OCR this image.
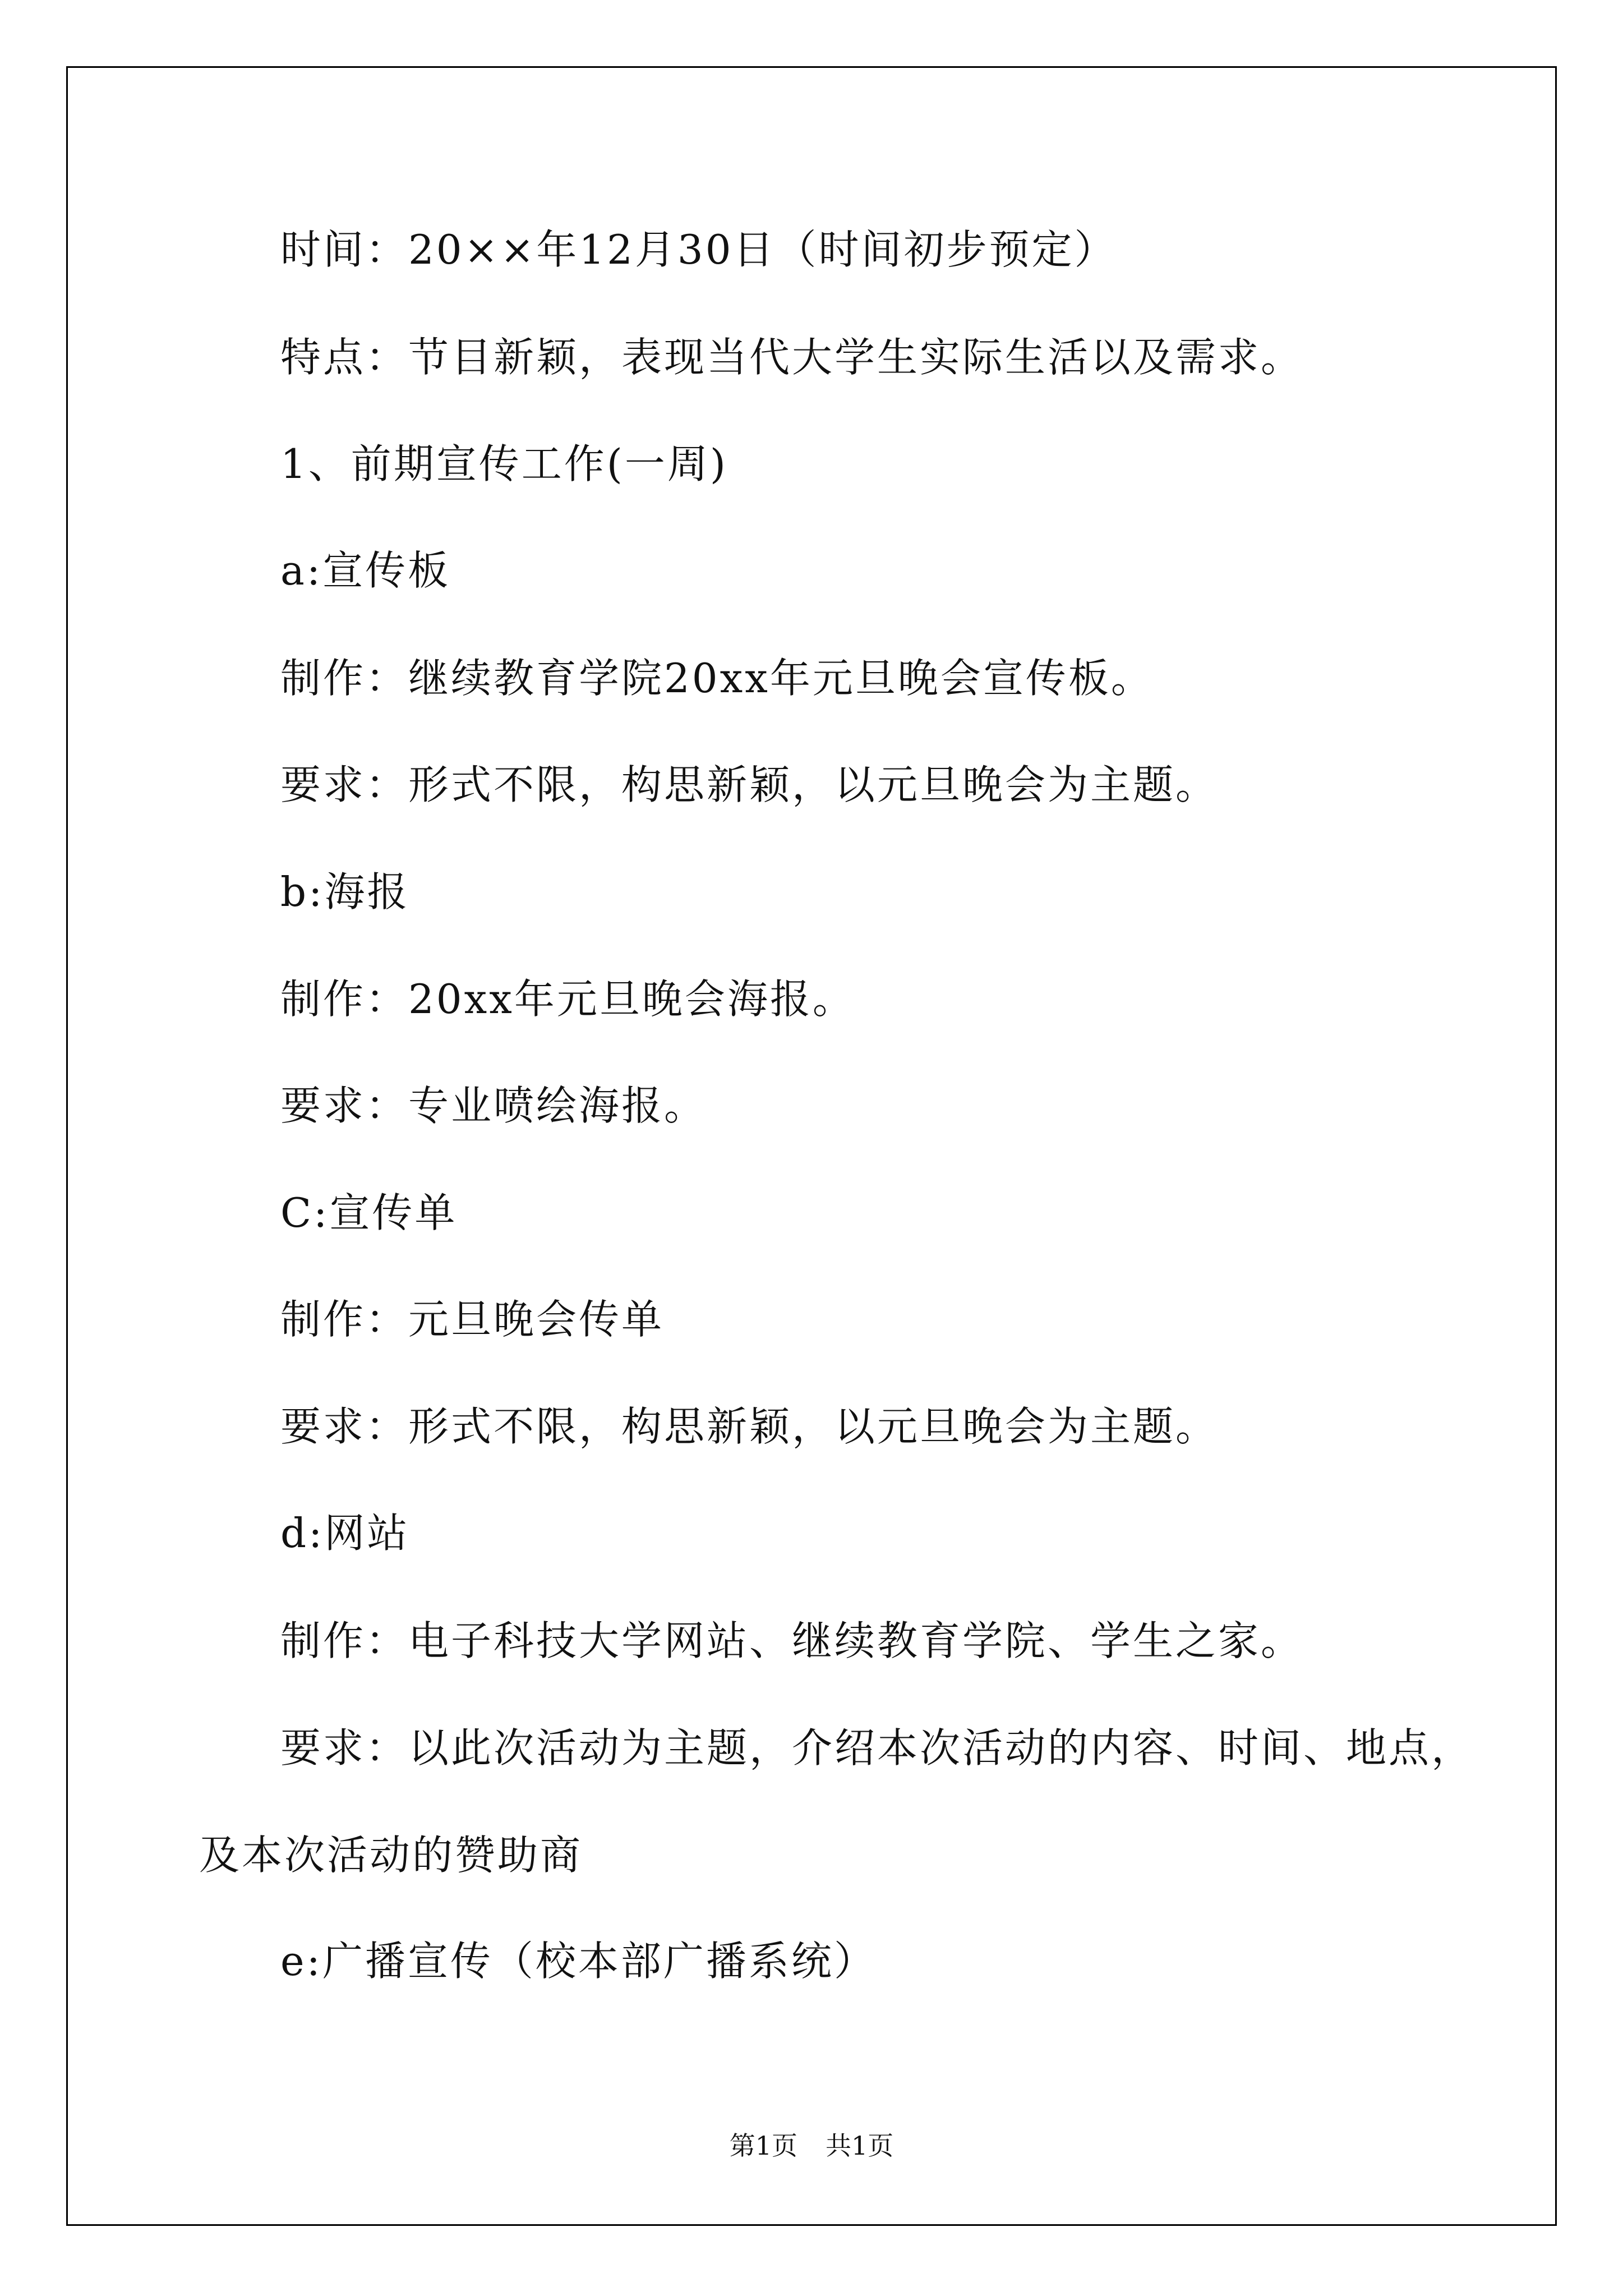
时间：20××年12月30日（时间初步预定）
特点：节目新颖，表现当代大学生实际生活以及需求。
1、前期宣传工作(一周)
a:宣传板
制作：继续教育学院20xx年元旦晚会宣传板。
要求：形式不限，构思新颖，以元旦晚会为主题。
b:海报
制作：20xx年元旦晚会海报。
要求：专业喷绘海报。
C:宣传单
制作：元旦晚会传单
要求：形式不限，构思新颖，以元旦晚会为主题。
d:网站
制作：电子科技大学网站、继续教育学院、学生之家。
要求：以此次活动为主题，介绍本次活动的内容、时间、地点，
及本次活动的赞助商
e:广播宣传（校本部广播系统）
第1页 共1页
